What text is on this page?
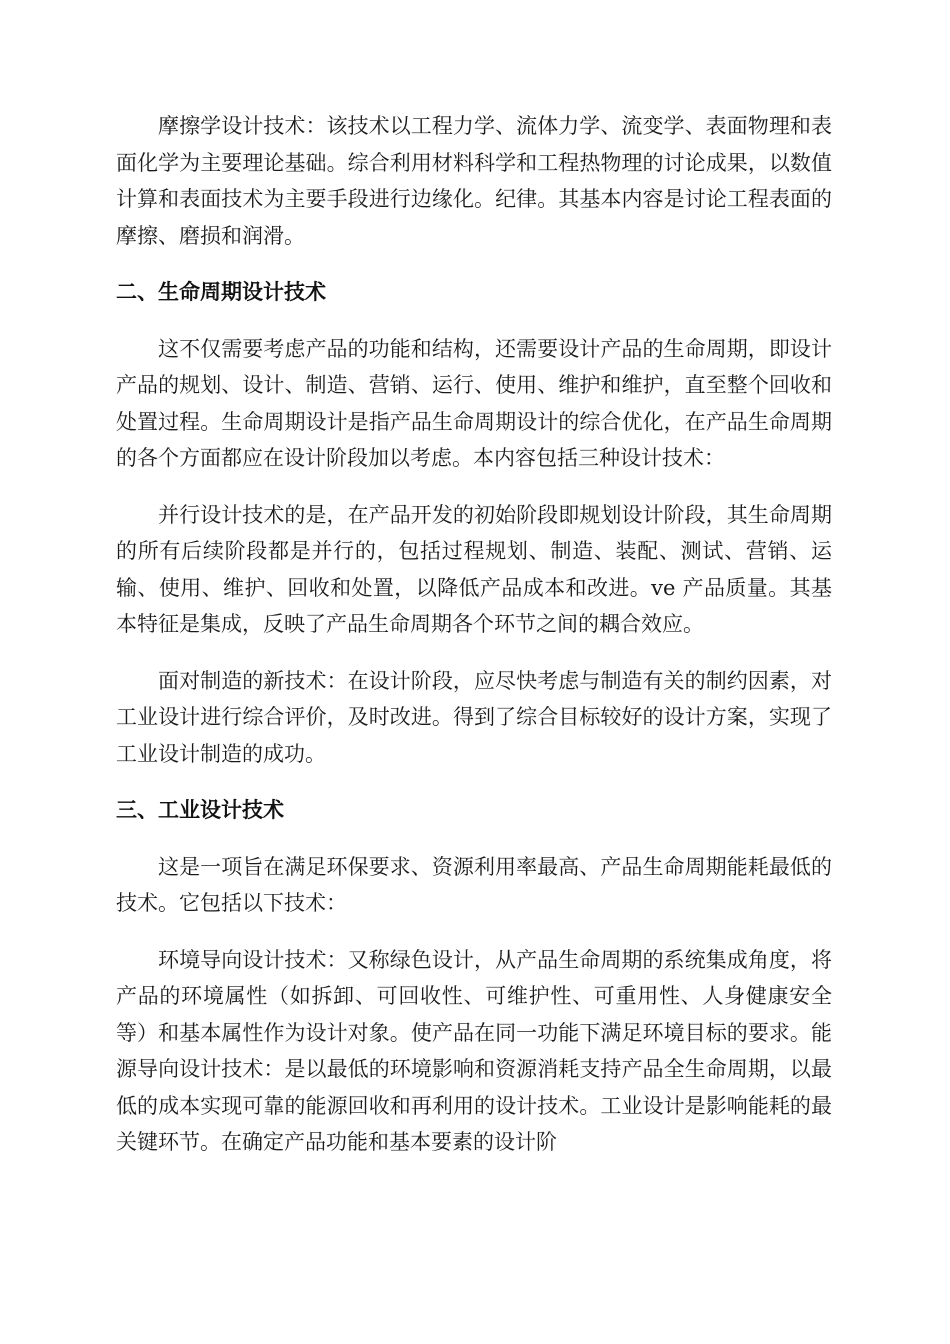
摩擦学设计技术：该技术以工程力学、流体力学、流变学、表面物理和表面化学为主要理论基础。综合利用材料科学和工程热物理的讨论成果，以数值计算和表面技术为主要手段进行边缘化。纪律。其基本内容是讨论工程表面的摩擦、磨损和润滑。

二、生命周期设计技术

这不仅需要考虑产品的功能和结构，还需要设计产品的生命周期，即设计产品的规划、设计、制造、营销、运行、使用、维护和维护，直至整个回收和处置过程。生命周期设计是指产品生命周期设计的综合优化，在产品生命周期的各个方面都应在设计阶段加以考虑。本内容包括三种设计技术：

并行设计技术的是，在产品开发的初始阶段即规划设计阶段，其生命周期的所有后续阶段都是并行的，包括过程规划、制造、装配、测试、营销、运输、使用、维护、回收和处置，以降低产品成本和改进。ve 产品质量。其基本特征是集成，反映了产品生命周期各个环节之间的耦合效应。

面对制造的新技术：在设计阶段，应尽快考虑与制造有关的制约因素，对工业设计进行综合评价，及时改进。得到了综合目标较好的设计方案，实现了工业设计制造的成功。

三、工业设计技术

这是一项旨在满足环保要求、资源利用率最高、产品生命周期能耗最低的技术。它包括以下技术：

环境导向设计技术：又称绿色设计，从产品生命周期的系统集成角度，将产品的环境属性（如拆卸、可回收性、可维护性、可重用性、人身健康安全等）和基本属性作为设计对象。使产品在同一功能下满足环境目标的要求。能源导向设计技术：是以最低的环境影响和资源消耗支持产品全生命周期，以最低的成本实现可靠的能源回收和再利用的设计技术。工业设计是影响能耗的最关键环节。在确定产品功能和基本要素的设计阶
